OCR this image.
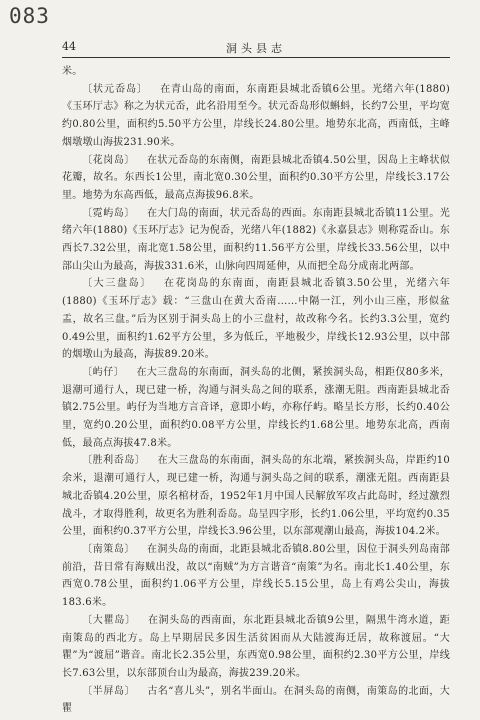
083
44	洞头县志

米。

〔状元岙岛〕 在青山岛的南面，东南距县城北岙镇6公里。光绪六年(1880)《玉环厅志》称之为状元岙，此名沿用至今。状元岙岛形似蝌蚪，长约7公里，平均宽约0.80公里，面积约5.50平方公里，岸线长24.80公里。地势东北高，西南低，主峰烟墩墩山海拔231.90米。

〔花岗岛〕 在状元岙岛的东南侧，南距县城北岙镇4.50公里，因岛上主峰状似花瓣，故名。东西长1公里，南北宽0.30公里，面积约0.30平方公里，岸线长3.17公里。地势为东高西低，最高点海拔96.8米。

〔霓屿岛〕 在大门岛的南面，状元岙岛的西面。东南距县城北岙镇11公里。光绪六年(1880)《玉环厅志》记为倪岙，光绪八年(1882)《永嘉县志》则称霓岙山。东西长7.32公里，南北宽1.58公里，面积约11.56平方公里，岸线长33.56公里，以中部山尖山为最高，海拔331.6米，山脉向四周延伸，从而把全岛分成南北两部。

〔大三盘岛〕 在花岗岛的东南面，南距县城北岙镇3.50公里，光绪六年(1880)《玉环厅志》载：“三盘山在黄大岙南……中隔一江，列小山三座，形似盆盂，故名三盘。”后为区别于洞头岛上的小三盘村，故改称今名。长约3.3公里，宽约0.49公里，面积约1.62平方公里，多为低丘，平地极少，岸线长12.93公里，以中部的烟墩山为最高，海拔89.20米。

〔屿仔〕 在大三盘岛的东南面，洞头岛的北侧，紧挨洞头岛，相距仅80多米，退潮可通行人，现已建一桥，沟通与洞头岛之间的联系，涨潮无阻。西南距县城北岙镇2.75公里。屿仔为当地方言音译，意即小屿，亦称仔屿。略呈长方形，长约0.40公里，宽约0.20公里，面积约0.08平方公里，岸线长约1.68公里。地势东北高，西南低，最高点海拔47.8米。

〔胜利岙岛〕 在大三盘岛的东南面，洞头岛的东北端，紧挨洞头岛，岸距约10余米，退潮可通行人，现已建一桥，沟通与洞头岛之间的联系，潮涨无阻。西南距县城北岙镇4.20公里，原名棺材岙，1952年1月中国人民解放军攻占此岛时，经过激烈战斗，才取得胜利，故更名为胜利岙岛。岛呈四字形，长约1.06公里，平均宽约0.35公里，面积约0.37平方公里，岸线长3.96公里，以东部观潮山最高，海拔104.2米。

〔南策岛〕 在洞头岛的南面，北距县城北岙镇8.80公里，因位于洞头列岛南部前沿，昔日常有海贼出没，故以“南贼”为方言谐音“南策”为名。南北长1.40公里，东西宽0.78公里，面积约1.06平方公里，岸线长5.15公里，岛上有鸡公尖山，海拔183.6米。

〔大瞿岛〕 在洞头岛的西南面，东北距县城北岙镇9公里，隔黑牛湾水道，距南策岛的西北方。岛上早期居民多因生活贫困而从大陆渡海迁居，故称渡屈。“大瞿”为“渡屈”谐音。南北长2.35公里，东西宽0.98公里，面积约2.30平方公里，岸线长7.63公里，以东部顶台山为最高，海拔239.20米。

〔半屏岛〕 古名“喜儿头”，别名半面山。在洞头岛的南侧，南策岛的北面，大瞿
